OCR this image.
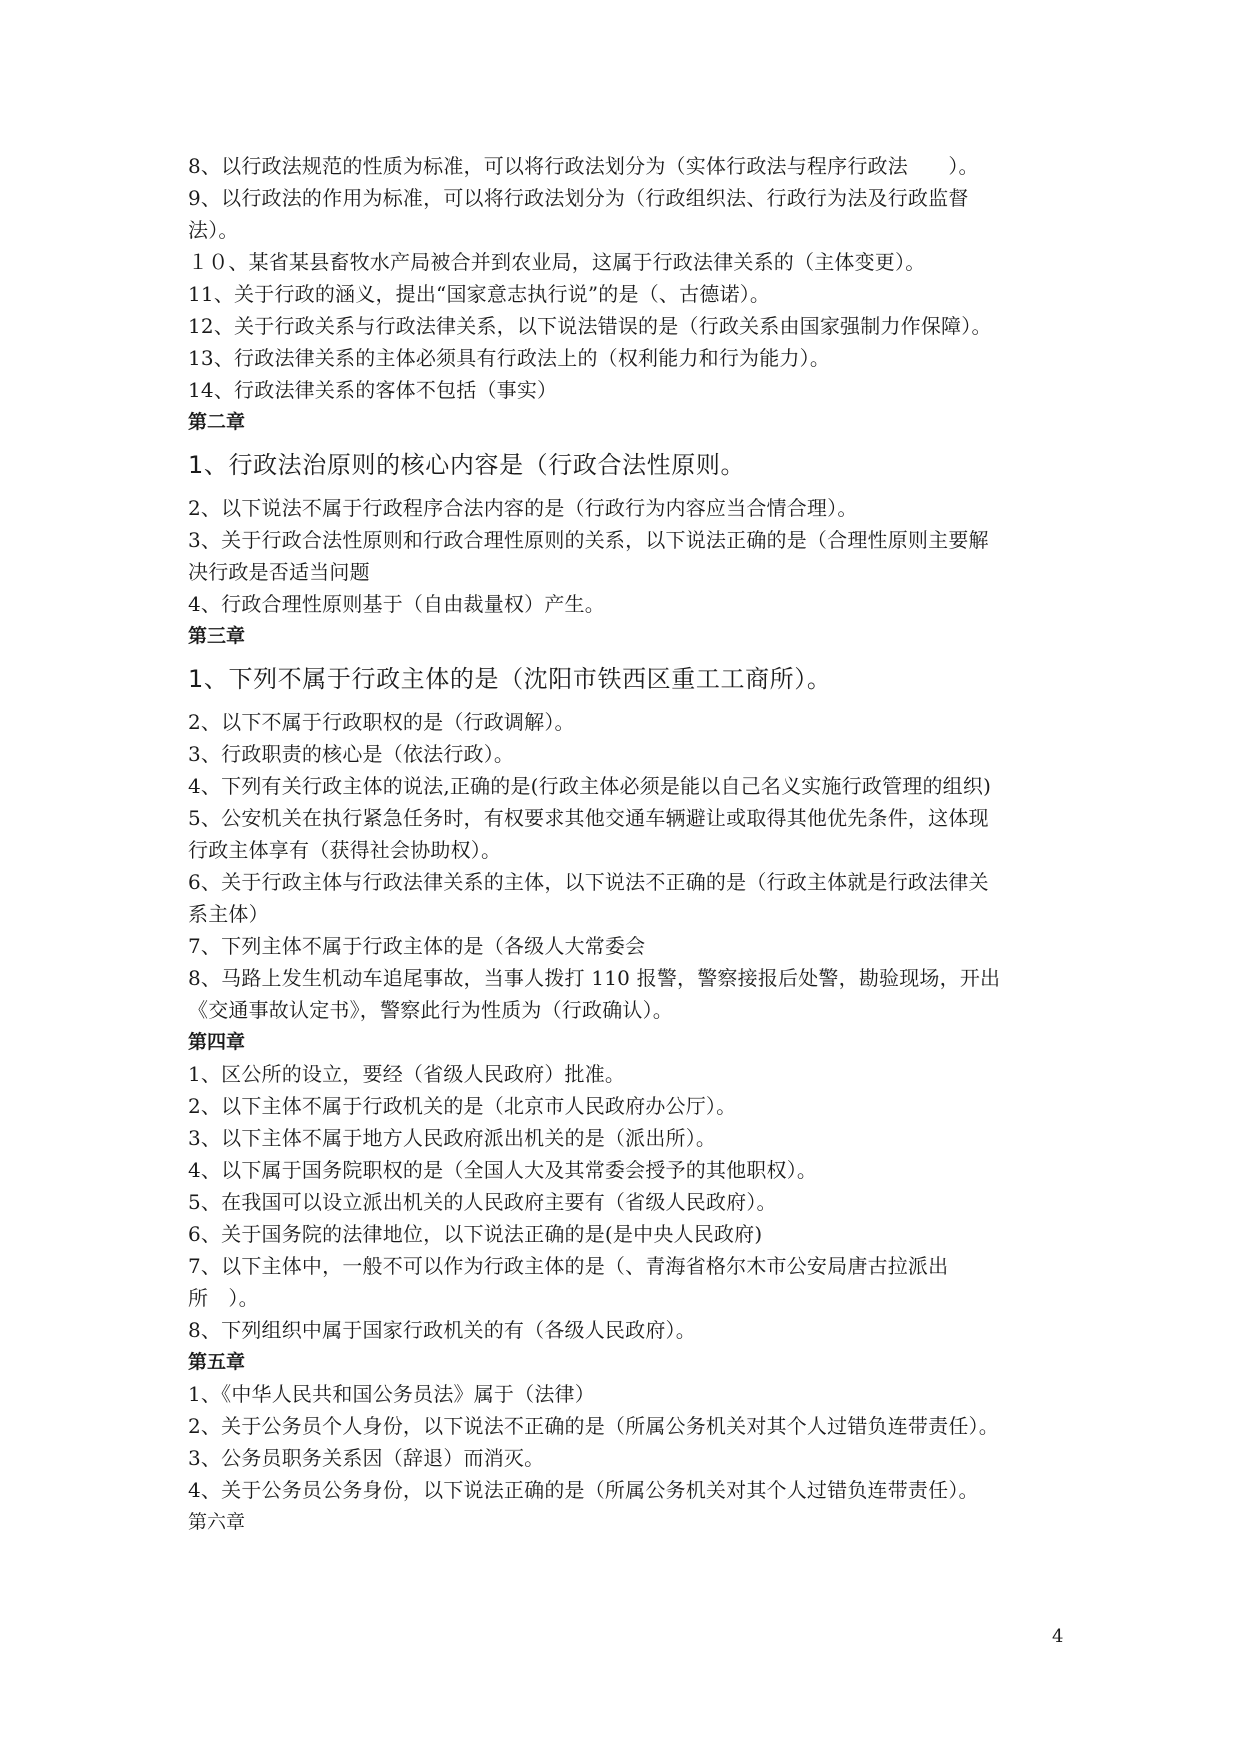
8、以行政法规范的性质为标准，可以将行政法划分为（实体行政法与程序行政法　　）。
9、以行政法的作用为标准，可以将行政法划分为（行政组织法、行政行为法及行政监督
法）。
１０、某省某县畜牧水产局被合并到农业局，这属于行政法律关系的（主体变更）。
11、关于行政的涵义，提出“国家意志执行说”的是（、古德诺）。
12、关于行政关系与行政法律关系，以下说法错误的是（行政关系由国家强制力作保障）。
13、行政法律关系的主体必须具有行政法上的（权利能力和行为能力）。
14、行政法律关系的客体不包括（事实）
第二章
1、行政法治原则的核心内容是（行政合法性原则。
2、以下说法不属于行政程序合法内容的是（行政行为内容应当合情合理）。
3、关于行政合法性原则和行政合理性原则的关系，以下说法正确的是（合理性原则主要解
决行政是否适当问题
4、行政合理性原则基于（自由裁量权）产生。
第三章
1、下列不属于行政主体的是（沈阳市铁西区重工工商所）。
2、以下不属于行政职权的是（行政调解）。
3、行政职责的核心是（依法行政）。
4、下列有关行政主体的说法,正确的是(行政主体必须是能以自己名义实施行政管理的组织)
5、公安机关在执行紧急任务时，有权要求其他交通车辆避让或取得其他优先条件，这体现
行政主体享有（获得社会协助权）。
6、关于行政主体与行政法律关系的主体，以下说法不正确的是（行政主体就是行政法律关
系主体）
7、下列主体不属于行政主体的是（各级人大常委会
8、马路上发生机动车追尾事故，当事人拨打 110 报警，警察接报后处警，勘验现场，开出
《交通事故认定书》，警察此行为性质为（行政确认）。
第四章
1、区公所的设立，要经（省级人民政府）批准。
2、以下主体不属于行政机关的是（北京市人民政府办公厅）。
3、以下主体不属于地方人民政府派出机关的是（派出所）。
4、以下属于国务院职权的是（全国人大及其常委会授予的其他职权）。
5、在我国可以设立派出机关的人民政府主要有（省级人民政府）。
6、关于国务院的法律地位，以下说法正确的是(是中央人民政府)
7、以下主体中，一般不可以作为行政主体的是（、青海省格尔木市公安局唐古拉派出
所　）。
8、下列组织中属于国家行政机关的有（各级人民政府）。
第五章
1、《中华人民共和国公务员法》属于（法律）
2、关于公务员个人身份，以下说法不正确的是（所属公务机关对其个人过错负连带责任）。
3、公务员职务关系因（辞退）而消灭。
4、关于公务员公务身份，以下说法正确的是（所属公务机关对其个人过错负连带责任）。
第六章
4
